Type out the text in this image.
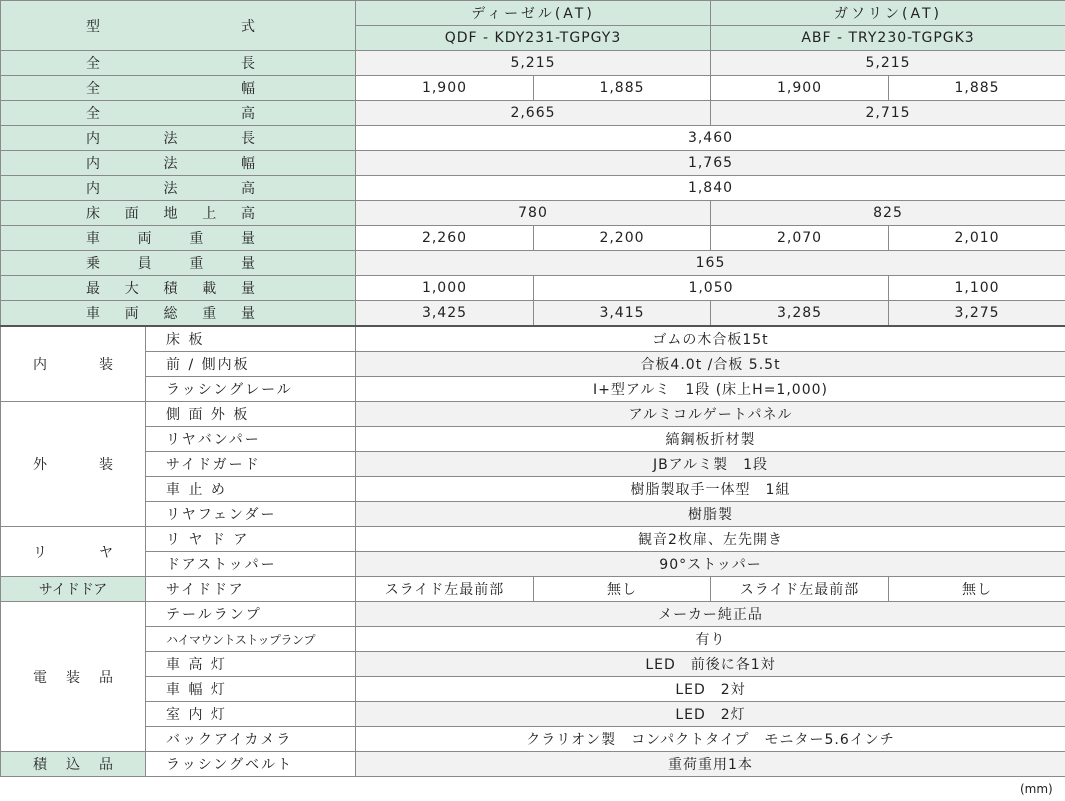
型 式		ディーゼル(AT)		ガソリン(AT)	
		QDF - KDY231-TGPGY3		ABF - TRY230-TGPGK3	

全 長		5,215		5,215	

全 幅		1,900	1,885	1,900	1,885

全 高		2,665		2,715	

内 法 長		3,460			

内 法 幅		1,765			

内 法 高		1,840			

床 面 地 上 高		780		825	

車 両 重 量		2,260	2,200	2,070	2,010

乗 員 重 量		165			

最 大 積 載 量		1,000	1,050		1,100

車 両 総 重 量		3,425	3,415	3,285	3,275

内 装	床 板	ゴムの木合板15t			
	前 / 側内板	合板4.0t /合板 5.5t			
	ラッシングレール	I+型アルミ　1段 (床上H=1,000)			

外 装	側 面 外 板	アルミコルゲートパネル			
	リヤバンパー	縞鋼板折材製			
	サイドガード	JBアルミ製　1段			
	車 止 め	樹脂製取手一体型　1組			
	リヤフェンダー	樹脂製			

リ ヤ	リ ヤ ド ア	観音2枚扉、左先開き			
	ドアストッパー	90°ストッパー			
サイドドア	サイドドア	スライド左最前部	無し	スライド左最前部	無し

電 装 品	テールランプ	メーカー純正品			
	ハイマウントストップランプ	有り			
	車 高 灯	LED　前後に各1対			
	車 幅 灯	LED　2対			
	室 内 灯	LED　2灯			
	バックアイカメラ	クラリオン製　コンパクトタイプ　モニター5.6インチ			

積 込 品	ラッシングベルト	重荷重用1本			
(mm)
